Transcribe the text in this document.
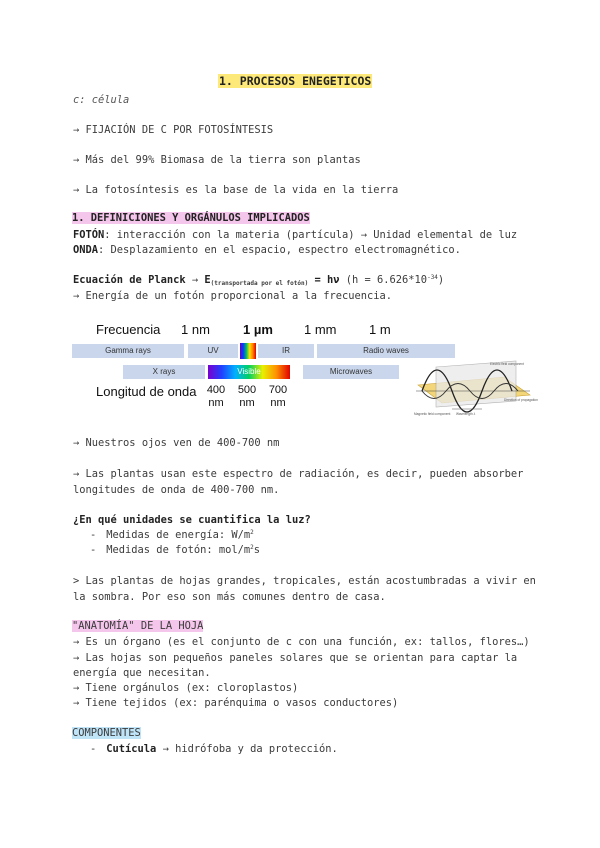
1. PROCESOS ENEGETICOS
c: célula
→ FIJACIÓN DE C POR FOTOSÍNTESIS
→ Más del 99% Biomasa de la tierra son plantas
→ La fotosíntesis es la base de la vida en la tierra
1. DEFINICIONES Y ORGÁNULOS IMPLICADOS
FOTÓN: interacción con la materia (partícula) → Unidad elemental de luz
ONDA: Desplazamiento en el espacio, espectro electromagnético.
Ecuación de Planck → $E_{(transportada por el fotón)} = h\nu$ $(h = 6.626*10^{-34})$
→ Energía de un fotón proporcional a la frecuencia.
Frecuencia 1 nm	1 µm 1 mm	1 m
Gamma rays	UV	IR	Radio waves
X rays	Visible	Microwaves
Longitud de onda 400
nm
500
nm
700
nm
Electric field component
Direction of propagation
Magnetic field component Wavelength λ
→ Nuestros ojos ven de 400-700 nm
→ Las plantas usan este espectro de radiación, es decir, pueden absorber
longitudes de onda de 400-700 nm.
¿En qué unidades se cuantifica la luz?
- Medidas de energía: $W/m^2$
- Medidas de fotón: mol/$m^2s$
> Las plantas de hojas grandes, tropicales, están acostumbradas a vivir en
la sombra. Por eso son más comunes dentro de casa.
"ANATOMÍA" DE LA HOJA
→ Es un órgano (es el conjunto de c con una función, ex: tallos, flores…)
→ Las hojas son pequeños paneles solares que se orientan para captar la
energía que necesitan.
→ Tiene orgánulos (ex: cloroplastos)
→ Tiene tejidos (ex: parénquima o vasos conductores)
COMPONENTES
- Cutícula → hidrófoba y da protección.
